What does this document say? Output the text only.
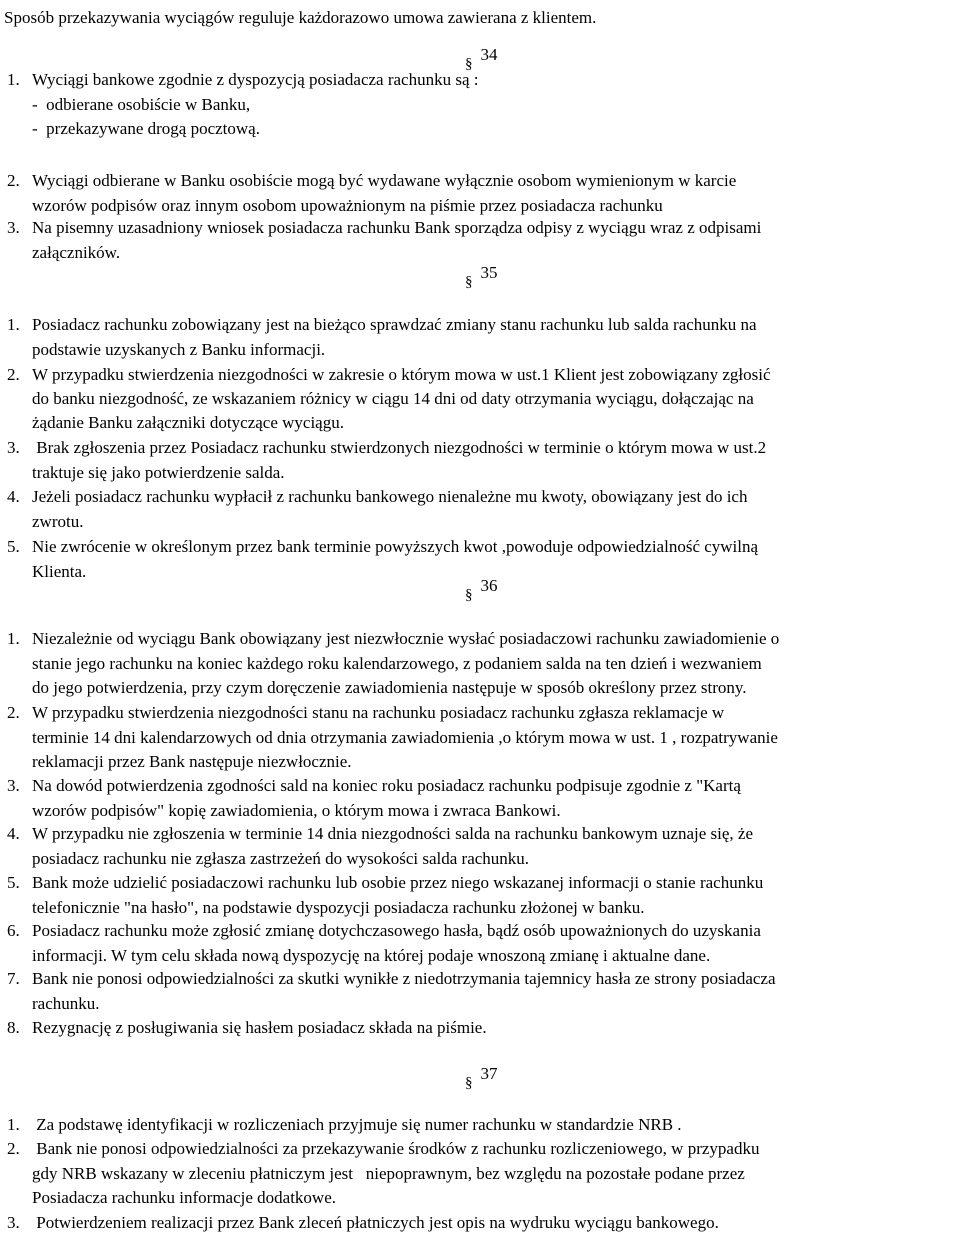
Sposób przekazywania wyciągów reguluje każdorazowo umowa zawierana z klientem.
§ 34
1. Wyciągi bankowe zgodnie z dyspozycją posiadacza rachunku są :
-  odbierane osobiście w Banku,
-  przekazywane drogą pocztową.
2. Wyciągi odbierane w Banku osobiście mogą być wydawane wyłącznie osobom wymienionym w karcie
wzorów podpisów oraz innym osobom upoważnionym na piśmie przez posiadacza rachunku
3. Na pisemny uzasadniony wniosek posiadacza rachunku Bank sporządza odpisy z wyciągu wraz z odpisami
załączników.
§ 35
1. Posiadacz rachunku zobowiązany jest na bieżąco sprawdzać zmiany stanu rachunku lub salda rachunku na
podstawie uzyskanych z Banku informacji.
2. W przypadku stwierdzenia niezgodności w zakresie o którym mowa w ust.1 Klient jest zobowiązany zgłosić
do banku niezgodność, ze wskazaniem różnicy w ciągu 14 dni od daty otrzymania wyciągu, dołączając na
żądanie Banku załączniki dotyczące wyciągu.
3. Brak zgłoszenia przez Posiadacz rachunku stwierdzonych niezgodności w terminie o którym mowa w ust.2
traktuje się jako potwierdzenie salda.
4. Jeżeli posiadacz rachunku wypłacił z rachunku bankowego nienależne mu kwoty, obowiązany jest do ich
zwrotu.
5. Nie zwrócenie w określonym przez bank terminie powyższych kwot ,powoduje odpowiedzialność cywilną
Klienta.
§ 36
1. Niezależnie od wyciągu Bank obowiązany jest niezwłocznie wysłać posiadaczowi rachunku zawiadomienie o
stanie jego rachunku na koniec każdego roku kalendarzowego, z podaniem salda na ten dzień i wezwaniem
do jego potwierdzenia, przy czym doręczenie zawiadomienia następuje w sposób określony przez strony.
2. W przypadku stwierdzenia niezgodności stanu na rachunku posiadacz rachunku zgłasza reklamacje w
terminie 14 dni kalendarzowych od dnia otrzymania zawiadomienia ,o którym mowa w ust. 1 , rozpatrywanie
reklamacji przez Bank następuje niezwłocznie.
3. Na dowód potwierdzenia zgodności sald na koniec roku posiadacz rachunku podpisuje zgodnie z "Kartą
wzorów podpisów" kopię zawiadomienia, o którym mowa i zwraca Bankowi.
4. W przypadku nie zgłoszenia w terminie 14 dnia niezgodności salda na rachunku bankowym uznaje się, że
posiadacz rachunku nie zgłasza zastrzeżeń do wysokości salda rachunku.
5. Bank może udzielić posiadaczowi rachunku lub osobie przez niego wskazanej informacji o stanie rachunku
telefonicznie "na hasło", na podstawie dyspozycji posiadacza rachunku złożonej w banku.
6. Posiadacz rachunku może zgłosić zmianę dotychczasowego hasła, bądź osób upoważnionych do uzyskania
informacji. W tym celu składa nową dyspozycję na której podaje wnoszoną zmianę i aktualne dane.
7. Bank nie ponosi odpowiedzialności za skutki wynikłe z niedotrzymania tajemnicy hasła ze strony posiadacza
rachunku.
8. Rezygnację z posługiwania się hasłem posiadacz składa na piśmie.
§ 37
1. Za podstawę identyfikacji w rozliczeniach przyjmuje się numer rachunku w standardzie NRB .
2. Bank nie ponosi odpowiedzialności za przekazywanie środków z rachunku rozliczeniowego, w przypadku
gdy NRB wskazany w zleceniu płatniczym jest   niepoprawnym, bez względu na pozostałe podane przez
Posiadacza rachunku informacje dodatkowe.
3. Potwierdzeniem realizacji przez Bank zleceń płatniczych jest opis na wydruku wyciągu bankowego.
